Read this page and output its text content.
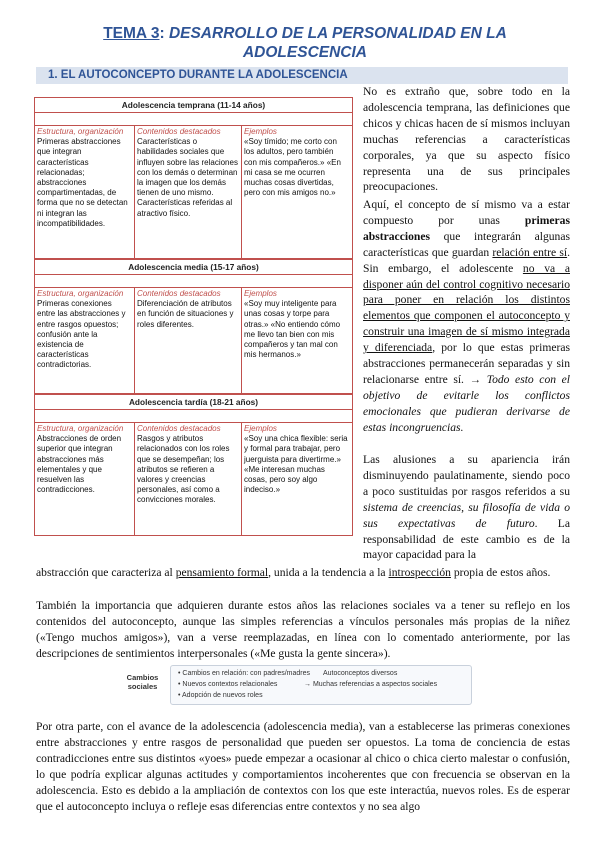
TEMA 3: DESARROLLO DE LA PERSONALIDAD EN LA ADOLESCENCIA
1. EL AUTOCONCEPTO DURANTE LA ADOLESCENCIA
Adolescencia temprana (11-14 años)
Estructura, organización
Primeras abstracciones que integran características relacionadas; abstracciones compartimentadas, de forma que no se detectan ni integran las incompatibilidades.
Contenidos destacados
Características o habilidades sociales que influyen sobre las relaciones con los demás o determinan la imagen que los demás tienen de uno mismo. Características referidas al atractivo físico.
Ejemplos
«Soy tímido; me corto con los adultos, pero también con mis compañeros.» «En mi casa se me ocurren muchas cosas divertidas, pero con mis amigos no.»
Adolescencia media (15-17 años)
Estructura, organización
Primeras conexiones entre las abstracciones y entre rasgos opuestos; confusión ante la existencia de características contradictorias.
Contenidos destacados
Diferenciación de atributos en función de situaciones y roles diferentes.
Ejemplos
«Soy muy inteligente para unas cosas y torpe para otras.» «No entiendo cómo me llevo tan bien con mis compañeros y tan mal con mis hermanos.»
Adolescencia tardía (18-21 años)
Estructura, organización
Abstracciones de orden superior que integran abstracciones más elementales y que resuelven las contradicciones.
Contenidos destacados
Rasgos y atributos relacionados con los roles que se desempeñan; los atributos se refieren a valores y creencias personales, así como a convicciones morales.
Ejemplos
«Soy una chica flexible: seria y formal para trabajar, pero juerguista para divertirme.» «Me interesan muchas cosas, pero soy algo indeciso.»
No es extraño que, sobre todo en la adolescencia temprana, las definiciones que chicos y chicas hacen de sí mismos incluyan muchas referencias a características corporales, ya que su aspecto físico representa una de sus principales preocupaciones.
Aquí, el concepto de sí mismo va a estar compuesto por unas primeras abstracciones que integrarán algunas características que guardan relación entre sí. Sin embargo, el adolescente no va a disponer aún del control cognitivo necesario para poner en relación los distintos elementos que componen el autoconcepto y construir una imagen de sí mismo integrada y diferenciada, por lo que estas primeras abstracciones permanecerán separadas y sin relacionarse entre sí. → Todo esto con el objetivo de evitarle los conflictos emocionales que pudieran derivarse de estas incongruencias.
Las alusiones a su apariencia irán disminuyendo paulatinamente, siendo poco a poco sustituidas por rasgos referidos a su sistema de creencias, su filosofía de vida o sus expectativas de futuro. La responsabilidad de este cambio es de la mayor capacidad para la
abstracción que caracteriza al pensamiento formal, unida a la tendencia a la introspección propia de estos años.
También la importancia que adquieren durante estos años las relaciones sociales va a tener su reflejo en los contenidos del autoconcepto, aunque las simples referencias a vínculos personales más propias de la niñez («Tengo muchos amigos»), van a verse reemplazadas, en línea con lo comentado anteriormente, por las descripciones de sentimientos interpersonales («Me gusta la gente sincera»).
Cambios sociales
• Cambios en relación: con padres/madres
• Nuevos contextos relacionales
• Adopción de nuevos roles
Autoconceptos diversos
→ Muchas referencias a aspectos sociales
Por otra parte, con el avance de la adolescencia (adolescencia media), van a establecerse las primeras conexiones entre abstracciones y entre rasgos de personalidad que pueden ser opuestos. La toma de conciencia de estas contradicciones entre sus distintos «yoes» puede empezar a ocasionar al chico o chica cierto malestar o confusión, lo que podría explicar algunas actitudes y comportamientos incoherentes que con frecuencia se observan en la adolescencia. Esto es debido a la ampliación de contextos con los que este interactúa, nuevos roles. Es de esperar que el autoconcepto incluya o refleje esas diferencias entre contextos y no sea algo
